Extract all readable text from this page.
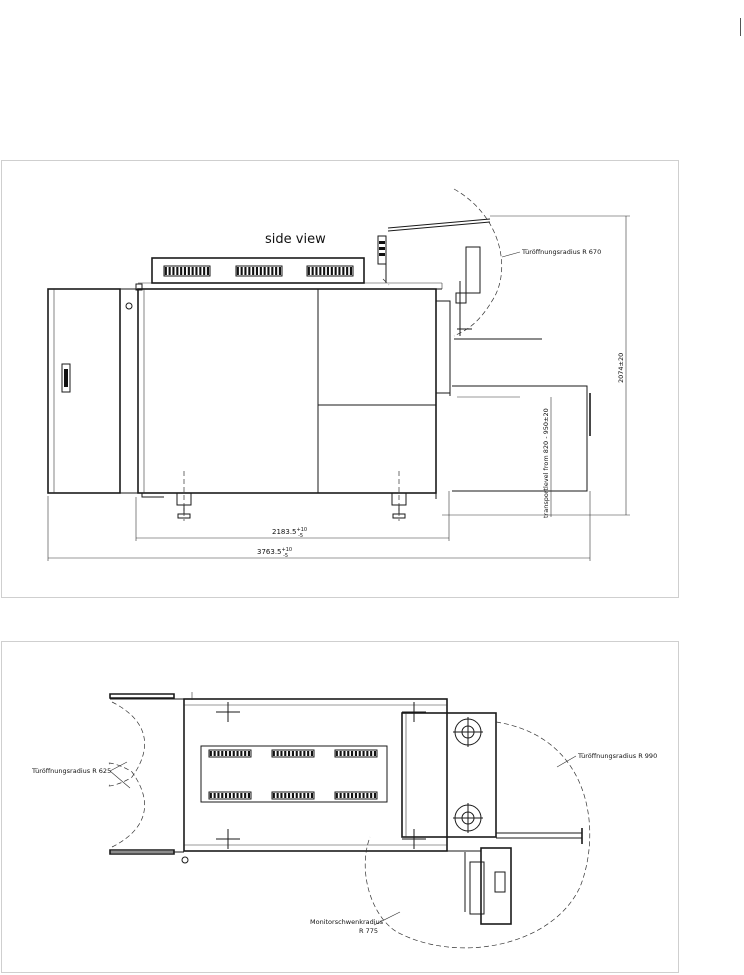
Türöffnungsradius R 670
2074±20
transportlevel from 820 - 950±20
$2183.5^{+10}$ -5
$3763.5^{+10}$ -5
side view
Türöffnungsradius R 625
Türöffnungsradius R 990
Monitorschwenkradius
R 775
